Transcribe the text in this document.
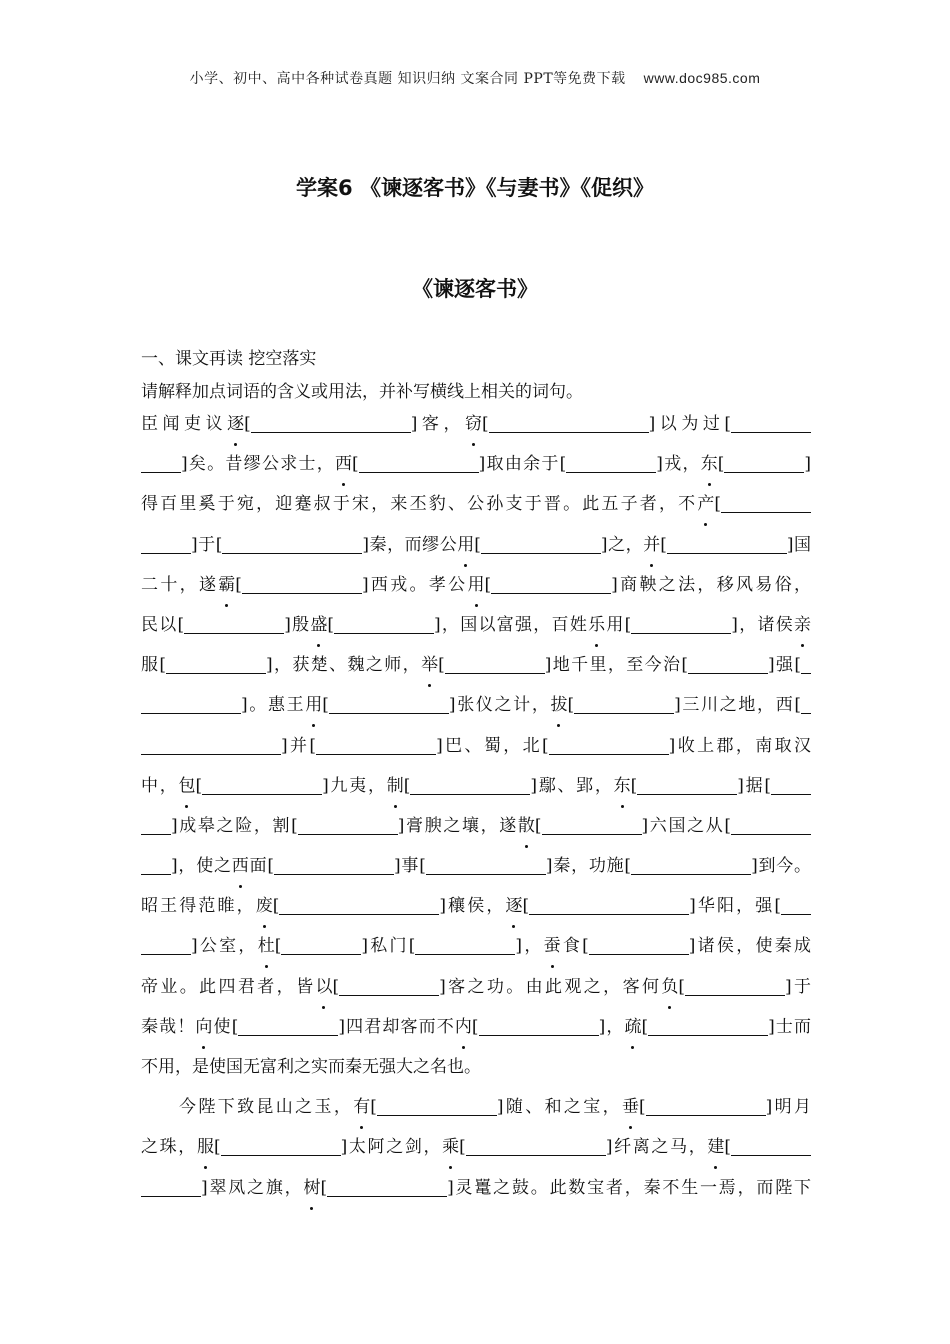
小学、初中、高中各种试卷真题 知识归纳 文案合同 PPT等免费下载 www.doc985.com
学案6 《谏逐客书》《与妻书》《促织》
《谏逐客书》
一、课文再读 挖空落实
请解释加点词语的含义或用法，并补写横线上相关的词句。
臣闻吏议逐[	]客，窃[	]以为过[
]矣。昔缪公求士，西[	]取由余于[	]戎，东[	]
得百里奚于宛，迎蹇叔于宋，来丕豹、公孙支于晋。此五子者，不产[
]于[	]秦，而缪公用[	]之，并[	]国
二十，遂霸[	]西戎。孝公用[	]商鞅之法，移风易俗，
民以[	]殷盛[	]，国以富强，百姓乐用[	]，诸侯亲
服[	]，获楚、魏之师，举[	]地千里，至今治[	]强[
]。惠王用[	]张仪之计，拔[	]三川之地，西[
]并[	]巴、蜀，北[	]收上郡，南取汉
中，包[	]九夷，制[	]鄢、郢，东[	]据[
]成皋之险，割[	]膏腴之壤，遂散[	]六国之从[
]，使之西面[	]事[	]秦，功施[	]到今。
昭王得范睢，废[	]穰侯，逐[	]华阳，强[
]公室，杜[	]私门[	]，蚕食[	]诸侯，使秦成
帝业。此四君者，皆以[	]客之功。由此观之，客何负[	]于
秦哉！向使[	]四君却客而不内[	]，疏[	]士而
不用，是使国无富利之实而秦无强大之名也。
今陛下致昆山之玉，有[	]随、和之宝，垂[	]明月
之珠，服[	]太阿之剑，乘[	]纤离之马，建[
]翠凤之旗，树[	]灵鼍之鼓。此数宝者，秦不生一焉，而陛下
